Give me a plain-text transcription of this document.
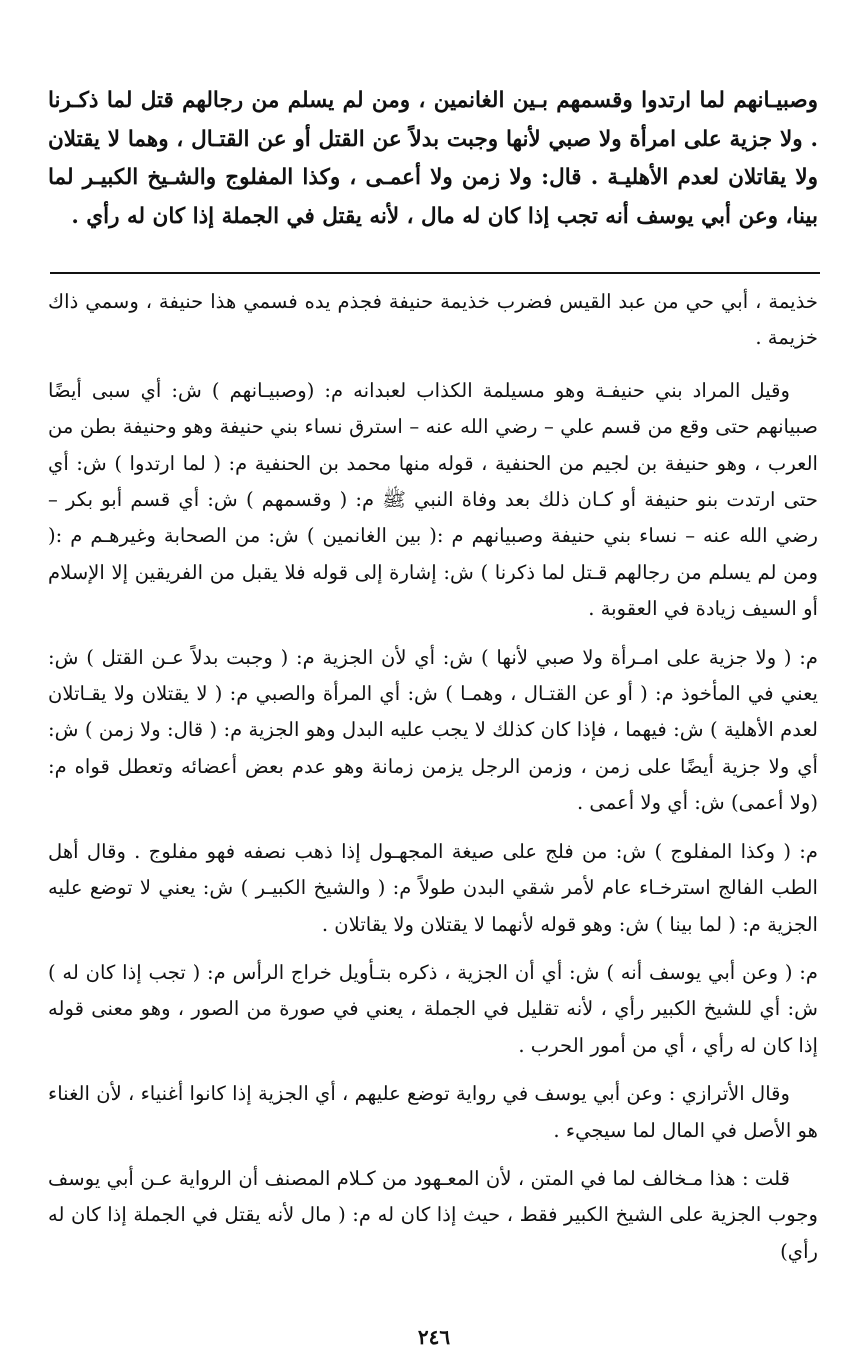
وصبيـانهم لما ارتدوا وقسمهم بـين الغانمين ، ومن لم يسلم من رجالهم قتل لما ذكـرنا . ولا جزية على امرأة ولا صبي لأنها وجبت بدلاً عن القتل أو عن القتـال ، وهما لا يقتلان ولا يقاتلان لعدم الأهليـة . قال: ولا زمن ولا أعمـى ، وكذا المفلوج والشـيخ الكبيـر لما بينا، وعن أبي يوسف أنه تجب إذا كان له مال ، لأنه يقتل في الجملة إذا كان له رأي .

خذيمة ، أبي حي من عبد القيس فضرب خذيمة حنيفة فجذم يده فسمي هذا حنيفة ، وسمي ذاك خزيمة .

وقيل المراد بني حنيفـة وهو مسيلمة الكذاب لعبدانه م: (وصبيـانهم ) ش: أي سبى أيضًا صبيانهم حتى وقع من قسم علي – رضي الله عنه – استرق نساء بني حنيفة وهو وحنيفة بطن من العرب ، وهو حنيفة بن لجيم من الحنفية ، قوله منها محمد بن الحنفية م: ( لما ارتدوا ) ش: أي حتى ارتدت بنو حنيفة أو كـان ذلك بعد وفاة النبي ﷺ م: ( وقسمهم ) ش: أي قسم أبو بكر – رضي الله عنه – نساء بني حنيفة وصبيانهم م :( بين الغانمين ) ش: من الصحابة وغيرهـم م :( ومن لم يسلم من رجالهم قـتل لما ذكرنا ) ش: إشارة إلى قوله فلا يقبل من الفريقين إلا الإسلام أو السيف زيادة في العقوبة .

م: ( ولا جزية على امـرأة ولا صبي لأنها ) ش: أي لأن الجزية م: ( وجبت بدلاً عـن القتل ) ش: يعني في المأخوذ م: ( أو عن القتـال ، وهمـا ) ش: أي المرأة والصبي م: ( لا يقتلان ولا يقـاتلان لعدم الأهلية ) ش: فيهما ، فإذا كان كذلك لا يجب عليه البدل وهو الجزية م: ( قال: ولا زمن ) ش: أي ولا جزية أيضًا على زمن ، وزمن الرجل يزمن زمانة وهو عدم بعض أعضائه وتعطل قواه م: (ولا أعمى) ش: أي ولا أعمى .

م: ( وكذا المفلوج ) ش: من فلج على صيغة المجهـول إذا ذهب نصفه فهو مفلوج . وقال أهل الطب الفالج استرخـاء عام لأمر شقي البدن طولاً م: ( والشيخ الكبيـر ) ش: يعني لا توضع عليه الجزية م: ( لما بينا ) ش: وهو قوله لأنهما لا يقتلان ولا يقاتلان .

م: ( وعن أبي يوسف أنه ) ش: أي أن الجزية ، ذكره بتـأويل خراج الرأس م: ( تجب إذا كان له ) ش: أي للشيخ الكبير رأي ، لأنه تقليل في الجملة ، يعني في صورة من الصور ، وهو معنى قوله إذا كان له رأي ، أي من أمور الحرب .

وقال الأترازي : وعن أبي يوسف في رواية توضع عليهم ، أي الجزية إذا كانوا أغنياء ، لأن الغناء هو الأصل في المال لما سيجيء .

قلت : هذا مـخالف لما في المتن ، لأن المعـهود من كـلام المصنف أن الرواية عـن أبي يوسف وجوب الجزية على الشيخ الكبير فقط ، حيث إذا كان له م: ( مال لأنه يقتل في الجملة إذا كان له رأي)

٢٤٦
